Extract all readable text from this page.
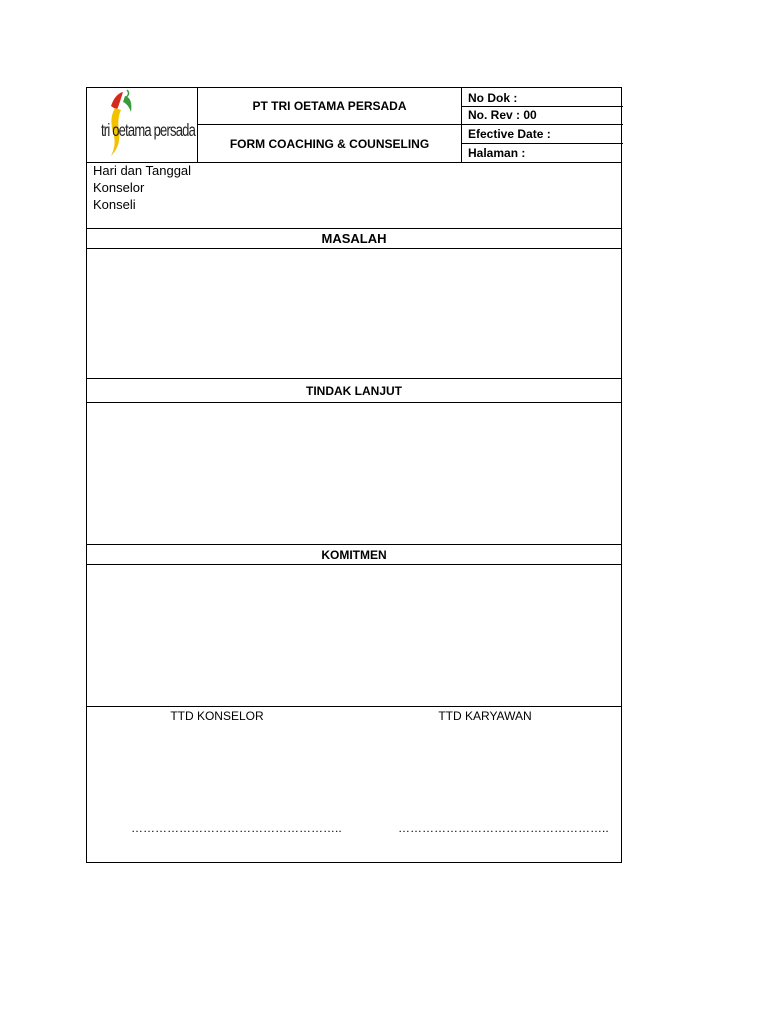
tri oetama persada
PT TRI OETAMA PERSADA
FORM COACHING & COUNSELING
No Dok :
No. Rev : 00
Efective Date :
Halaman :
Hari dan Tanggal
Konselor
Konseli
MASALAH
TINDAK LANJUT
KOMITMEN
TTD KONSELOR	TTD KARYAWAN
……………………………………………..	……………………………………………..
